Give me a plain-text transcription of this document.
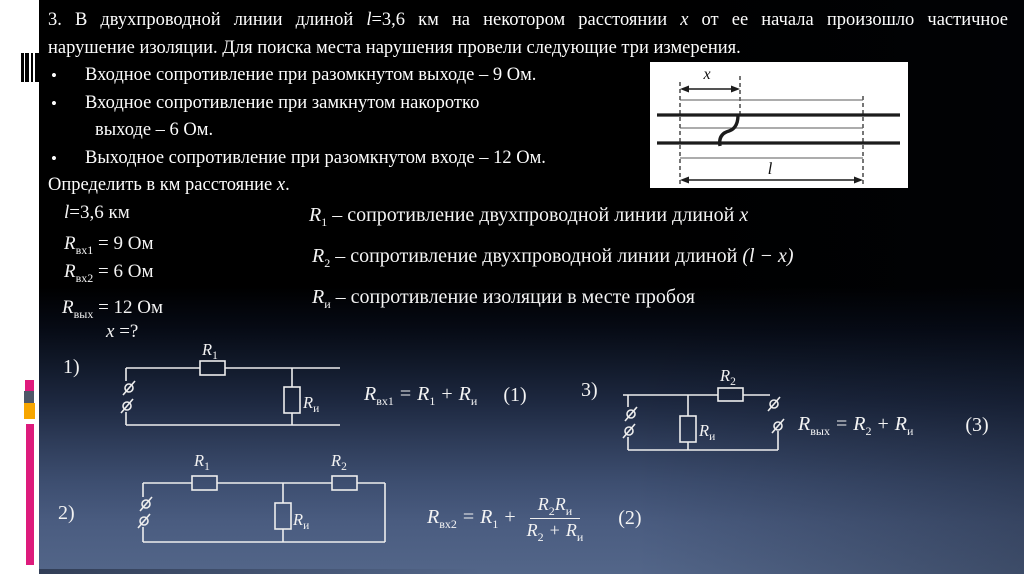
3. В двухпроводной линии длиной l=3,6 км на некотором расстоянии x от ее начала произошло частичное
нарушение изоляции. Для поиска места нарушения провели следующие три измерения.
•	Входное сопротивление при разомкнутом выходе – 9 Ом.
•	Входное сопротивление при замкнутом накоротко
выходе – 6 Ом.
•	Выходное сопротивление при разомкнутом входе – 12 Ом.
Определить в км расстояние x.
x
l
l=3,6 км
$R_{вх1} = 9$ Ом
$R_{вх2} = 6$ Ом
$R_{вых} = 12$ Ом
x =?
$R_1$ – сопротивление двухпроводной линии длиной x
$R_2$ – сопротивление двухпроводной линии длиной (l − x)
$R_и$ – сопротивление изоляции в месте пробоя
1)
$R_1$
$R_и$
$R_{вх1} = R_1 + R_и$ (1)	3)
$R_2$
$R_и$
$R_{вых} = R_2 + R_и$	(3)
2)
$R_1$	$R_2$
$R_и$	$R_{вх2} = R_1 + \frac{R_2R_и}{R_2 + R_и} (2)$
